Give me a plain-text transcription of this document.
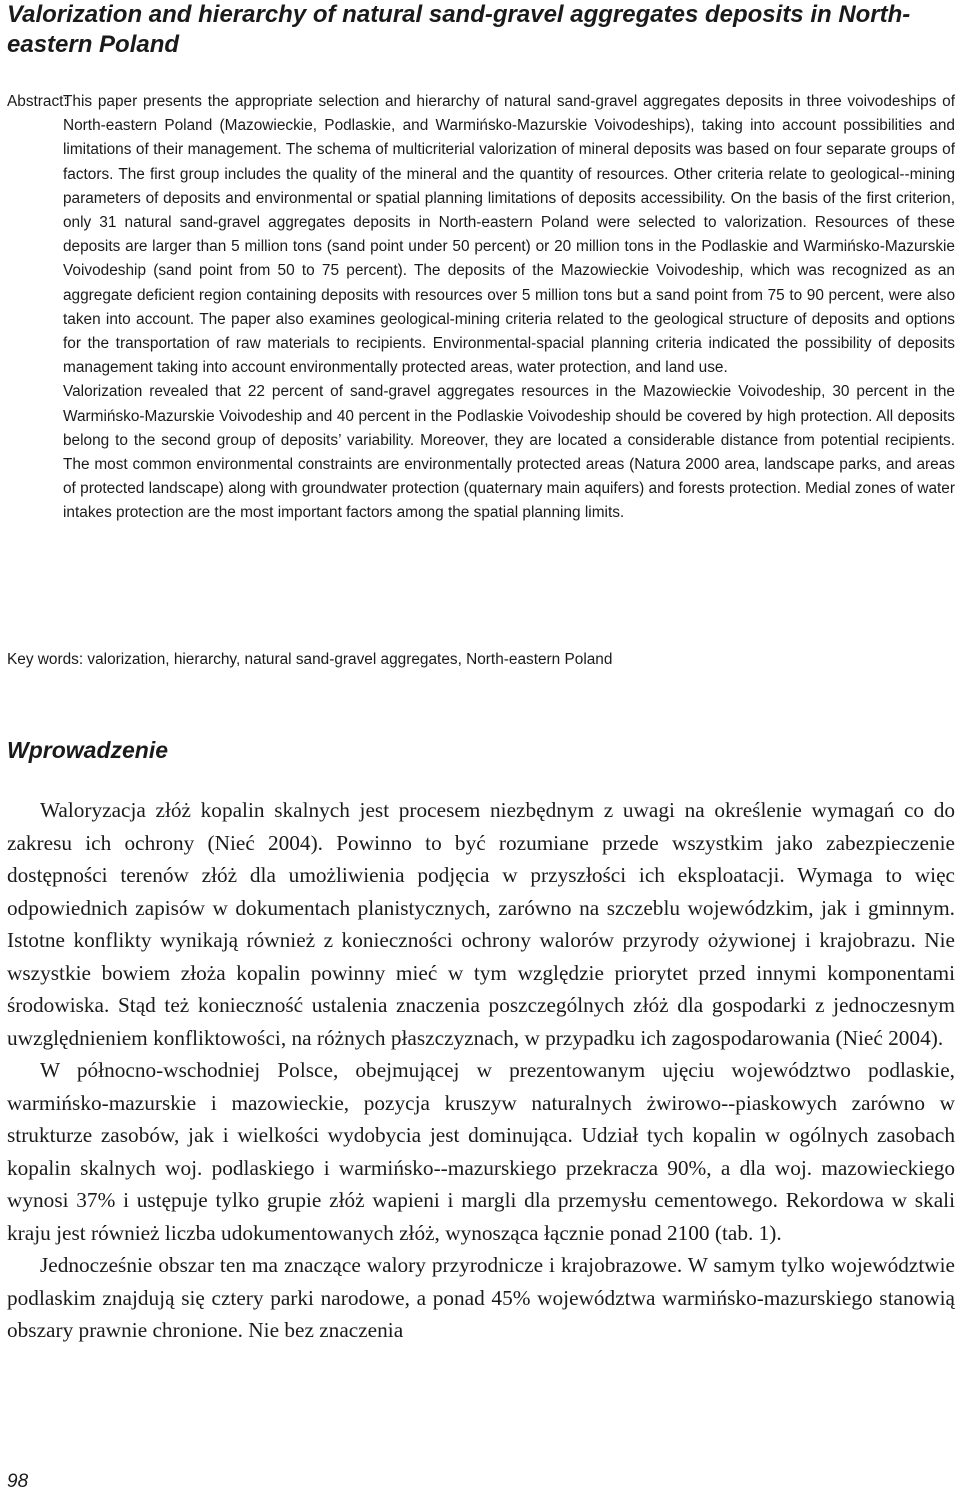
Valorization and hierarchy of natural sand-gravel aggregates deposits in North-eastern Poland
Abstract:

This paper presents the appropriate selection and hierarchy of natural sand-gravel aggregates deposits in three voivodeships of North-eastern Poland (Mazowieckie, Podlaskie, and Warmińsko-Mazurskie Voivodeships), taking into account possibilities and limitations of their management. The schema of multicriterial valorization of mineral deposits was based on four separate groups of factors. The first group includes the quality of the mineral and the quantity of resources. Other criteria relate to geological--mining parameters of deposits and environmental or spatial planning limitations of deposits accessibility. On the basis of the first criterion, only 31 natural sand-gravel aggregates deposits in North-eastern Poland were selected to valorization. Resources of these deposits are larger than 5 million tons (sand point under 50 percent) or 20 million tons in the Podlaskie and Warmińsko-Mazurskie Voivodeship (sand point from 50 to 75 percent). The deposits of the Mazowieckie Voivodeship, which was recognized as an aggregate deficient region containing deposits with resources over 5 million tons but a sand point from 75 to 90 percent, were also taken into account. The paper also examines geological-mining criteria related to the geological structure of deposits and options for the transportation of raw materials to recipients. Environmental-spacial planning criteria indicated the possibility of deposits management taking into account environmentally protected areas, water protection, and land use.

Valorization revealed that 22 percent of sand-gravel aggregates resources in the Mazowieckie Voivodeship, 30 percent in the Warmińsko-Mazurskie Voivodeship and 40 percent in the Podlaskie Voivodeship should be covered by high protection. All deposits belong to the second group of deposits’ variability. Moreover, they are located a considerable distance from potential recipients. The most common environmental constraints are environmentally protected areas (Natura 2000 area, landscape parks, and areas of protected landscape) along with groundwater protection (quaternary main aquifers) and forests protection. Medial zones of water intakes protection are the most important factors among the spatial planning limits.

Key words: valorization, hierarchy, natural sand-gravel aggregates, North-eastern Poland
Wprowadzenie

Waloryzacja złóż kopalin skalnych jest procesem niezbędnym z uwagi na określenie wymagań co do zakresu ich ochrony (Nieć 2004). Powinno to być rozumiane przede wszystkim jako zabezpieczenie dostępności terenów złóż dla umożliwienia podjęcia w przyszłości ich eksploatacji. Wymaga to więc odpowiednich zapisów w dokumentach planistycznych, zarówno na szczeblu wojewódzkim, jak i gminnym. Istotne konflikty wynikają również z konieczności ochrony walorów przyrody ożywionej i krajobrazu. Nie wszystkie bowiem złoża kopalin powinny mieć w tym względzie priorytet przed innymi komponentami środowiska. Stąd też konieczność ustalenia znaczenia poszczególnych złóż dla gospodarki z jednoczesnym uwzględnieniem konfliktowości, na różnych płaszczyznach, w przypadku ich zagospodarowania (Nieć 2004).

W północno-wschodniej Polsce, obejmującej w prezentowanym ujęciu województwo podlaskie, warmińsko-mazurskie i mazowieckie, pozycja kruszyw naturalnych żwirowo--piaskowych zarówno w strukturze zasobów, jak i wielkości wydobycia jest dominująca. Udział tych kopalin w ogólnych zasobach kopalin skalnych woj. podlaskiego i warmińsko--mazurskiego przekracza 90%, a dla woj. mazowieckiego wynosi 37% i ustępuje tylko grupie złóż wapieni i margli dla przemysłu cementowego. Rekordowa w skali kraju jest również liczba udokumentowanych złóż, wynosząca łącznie ponad 2100 (tab. 1).

Jednocześnie obszar ten ma znaczące walory przyrodnicze i krajobrazowe. W samym tylko województwie podlaskim znajdują się cztery parki narodowe, a ponad 45% województwa warmińsko-mazurskiego stanowią obszary prawnie chronione. Nie bez znaczenia

98
